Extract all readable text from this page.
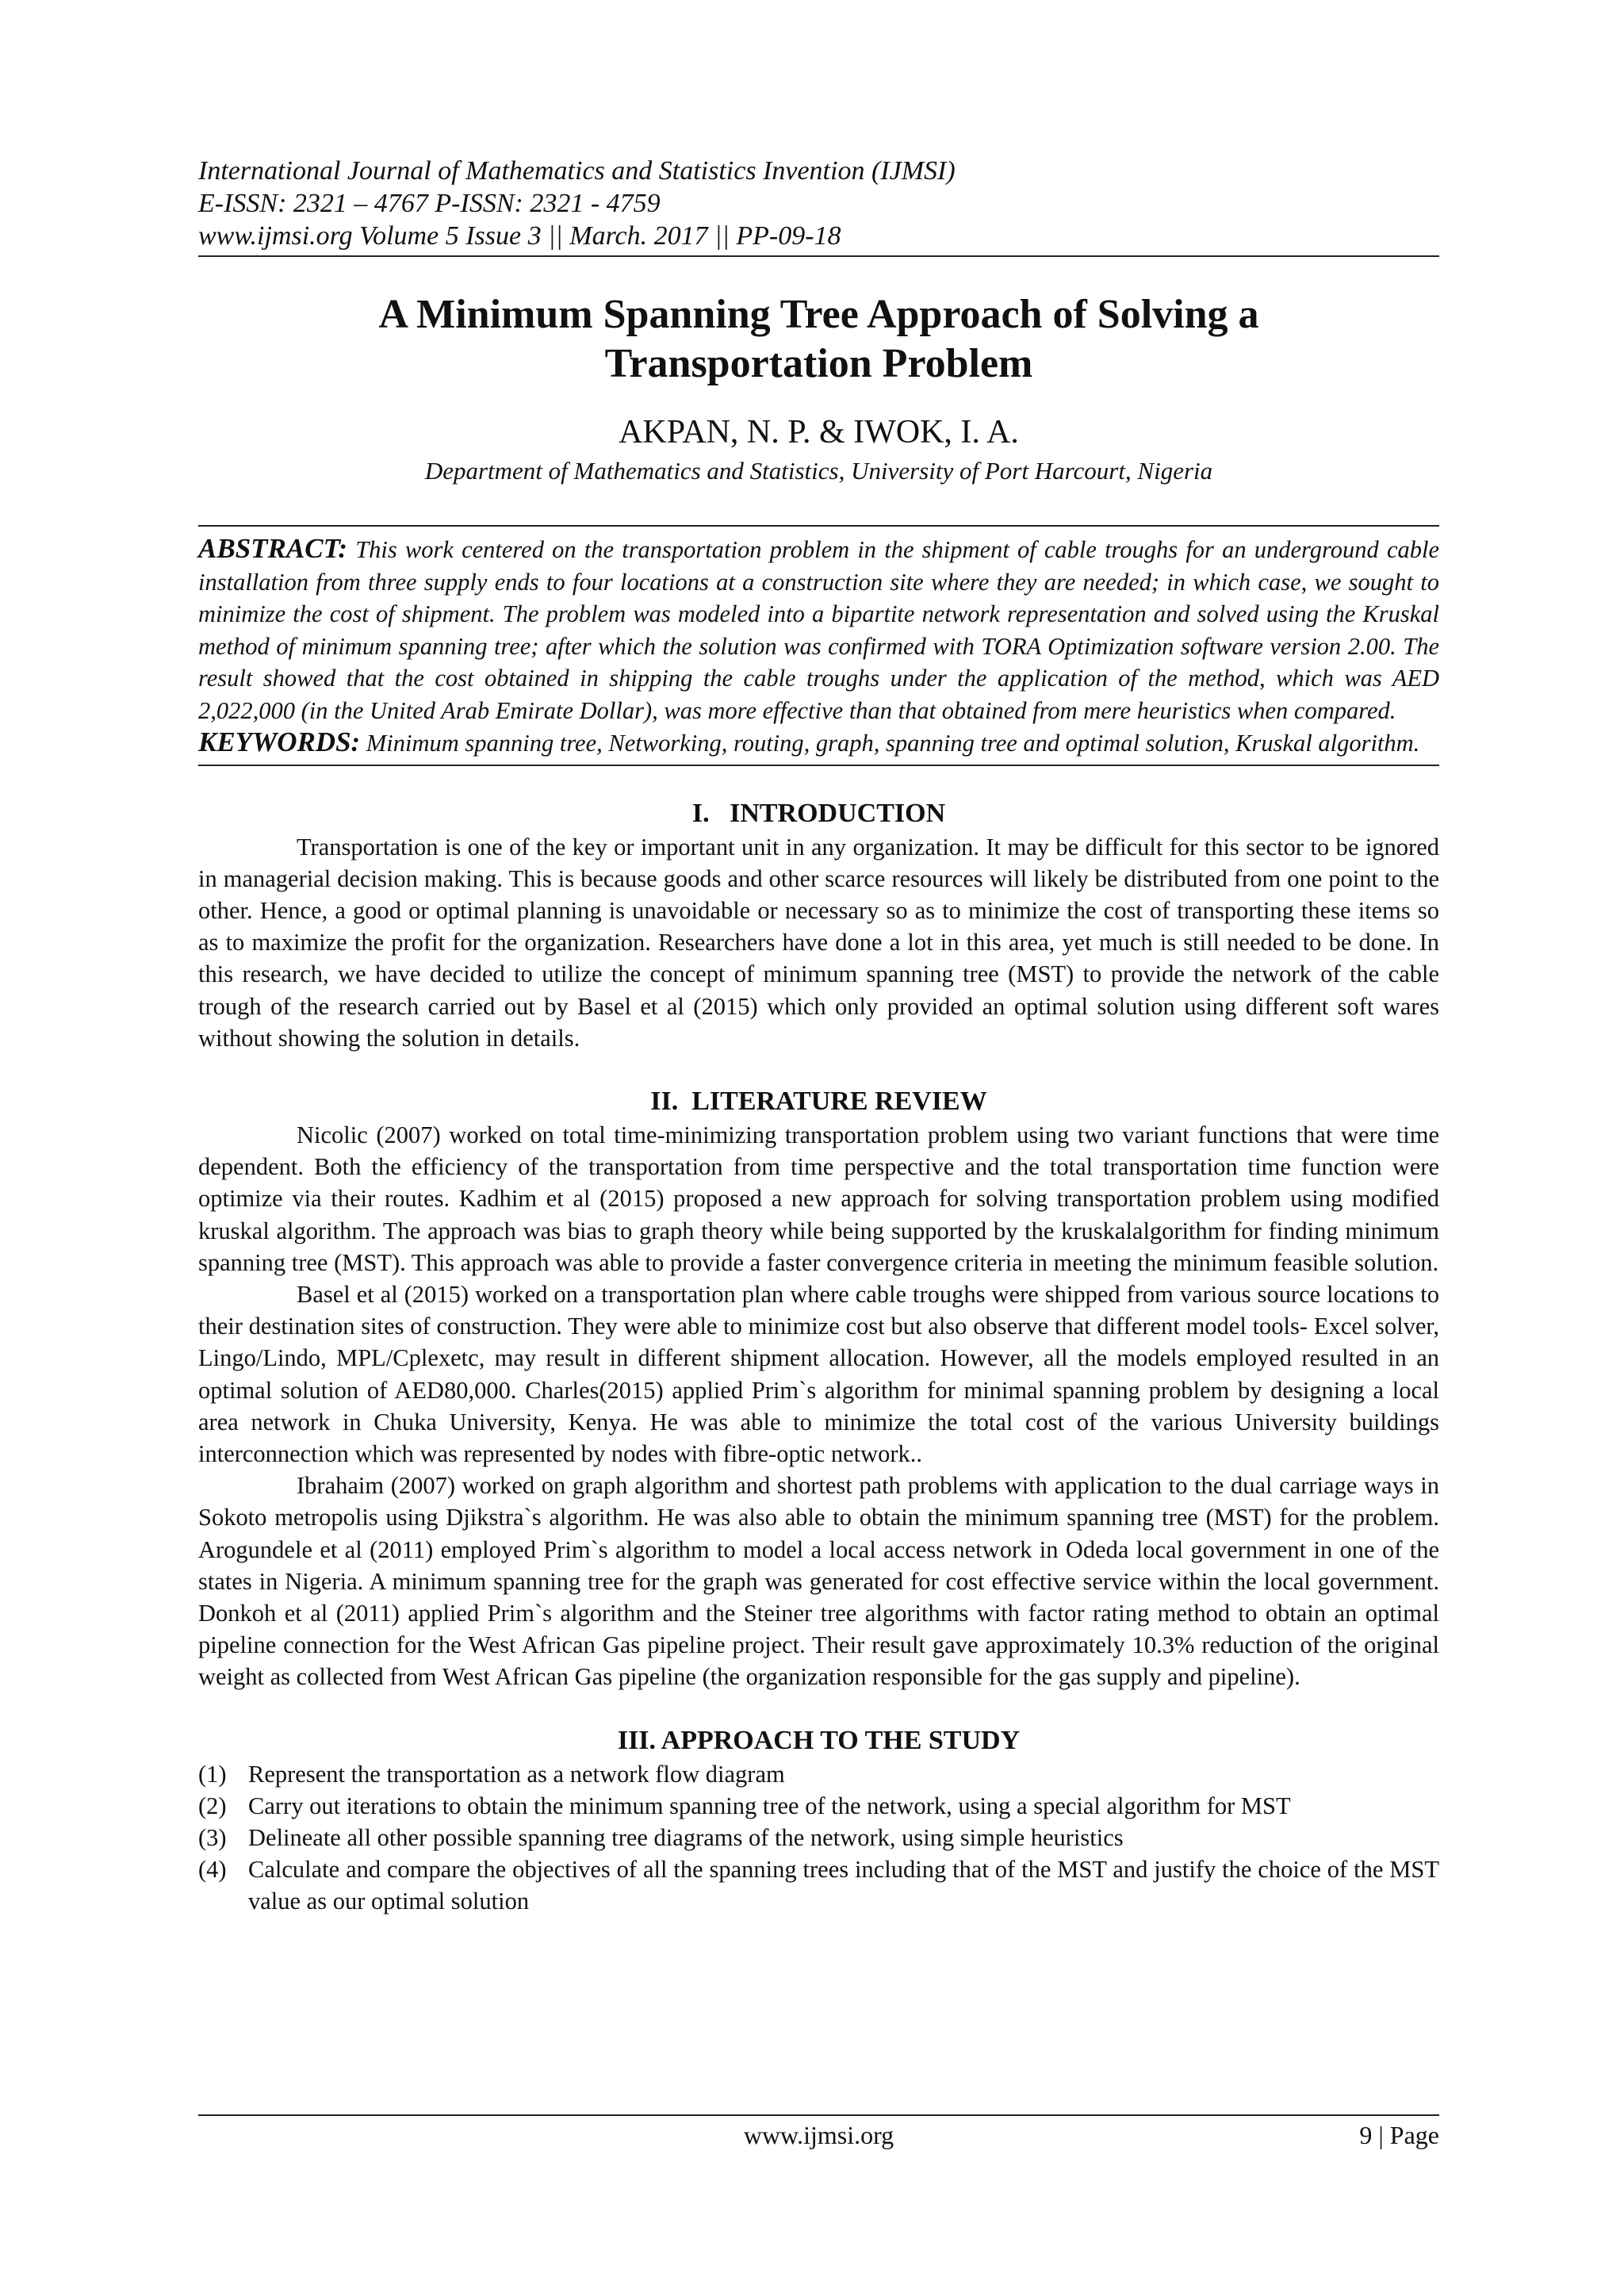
International Journal of Mathematics and Statistics Invention (IJMSI)
E-ISSN: 2321 – 4767 P-ISSN: 2321 - 4759
www.ijmsi.org Volume 5 Issue 3 || March. 2017 || PP-09-18
A Minimum Spanning Tree Approach of Solving a
Transportation Problem
AKPAN, N. P. & IWOK, I. A.
Department of Mathematics and Statistics, University of Port Harcourt, Nigeria

ABSTRACT: This work centered on the transportation problem in the shipment of cable troughs for an underground cable installation from three supply ends to four locations at a construction site where they are needed; in which case, we sought to minimize the cost of shipment. The problem was modeled into a bipartite network representation and solved using the Kruskal method of minimum spanning tree; after which the solution was confirmed with TORA Optimization software version 2.00. The result showed that the cost obtained in shipping the cable troughs under the application of the method, which was AED 2,022,000 (in the United Arab Emirate Dollar), was more effective than that obtained from mere heuristics when compared.

KEYWORDS: Minimum spanning tree, Networking, routing, graph, spanning tree and optimal solution, Kruskal algorithm.

I.   INTRODUCTION

Transportation is one of the key or important unit in any organization. It may be difficult for this sector to be ignored in managerial decision making. This is because goods and other scarce resources will likely be distributed from one point to the other. Hence, a good or optimal planning is unavoidable or necessary so as to minimize the cost of transporting these items so as to maximize the profit for the organization. Researchers have done a lot in this area, yet much is still needed to be done. In this research, we have decided to utilize the concept of minimum spanning tree (MST) to provide the network of the cable trough of the research carried out by Basel et al (2015) which only provided an optimal solution using different soft wares without showing the solution in details.

II.  LITERATURE REVIEW

Nicolic (2007) worked on total time-minimizing transportation problem using two variant functions that were time dependent. Both the efficiency of the transportation from time perspective and the total transportation time function were optimize via their routes. Kadhim et al (2015) proposed a new approach for solving transportation problem using modified kruskal algorithm. The approach was bias to graph theory while being supported by the kruskalalgorithm for finding minimum spanning tree (MST). This approach was able to provide a faster convergence criteria in meeting the minimum feasible solution.

Basel et al (2015) worked on a transportation plan where cable troughs were shipped from various source locations to their destination sites of construction. They were able to minimize cost but also observe that different model tools- Excel solver, Lingo/Lindo, MPL/Cplexetc, may result in different shipment allocation. However, all the models employed resulted in an optimal solution of AED80,000. Charles(2015) applied Prim`s algorithm for minimal spanning problem by designing a local area network in Chuka University, Kenya. He was able to minimize the total cost of the various University buildings interconnection which was represented by nodes with fibre-optic network..

Ibrahaim (2007) worked on graph algorithm and shortest path problems with application to the dual carriage ways in Sokoto metropolis using Djikstra`s algorithm. He was also able to obtain the minimum spanning tree (MST) for the problem. Arogundele et al (2011) employed Prim`s algorithm to model a local access network in Odeda local government in one of the states in Nigeria. A minimum spanning tree for the graph was generated for cost effective service within the local government. Donkoh et al (2011) applied Prim`s algorithm and the Steiner tree algorithms with factor rating method to obtain an optimal pipeline connection for the West African Gas pipeline project. Their result gave approximately 10.3% reduction of the original weight as collected from West African Gas pipeline (the organization responsible for the gas supply and pipeline).

III. APPROACH TO THE STUDY
(1) Represent the transportation as a network flow diagram
(2) Carry out iterations to obtain the minimum spanning tree of the network, using a special algorithm for MST
(3) Delineate all other possible spanning tree diagrams of the network, using simple heuristics
(4) Calculate and compare the objectives of all the spanning trees including that of the MST and justify the choice of the MST value as our optimal solution
www.ijmsi.org	9 | Page
